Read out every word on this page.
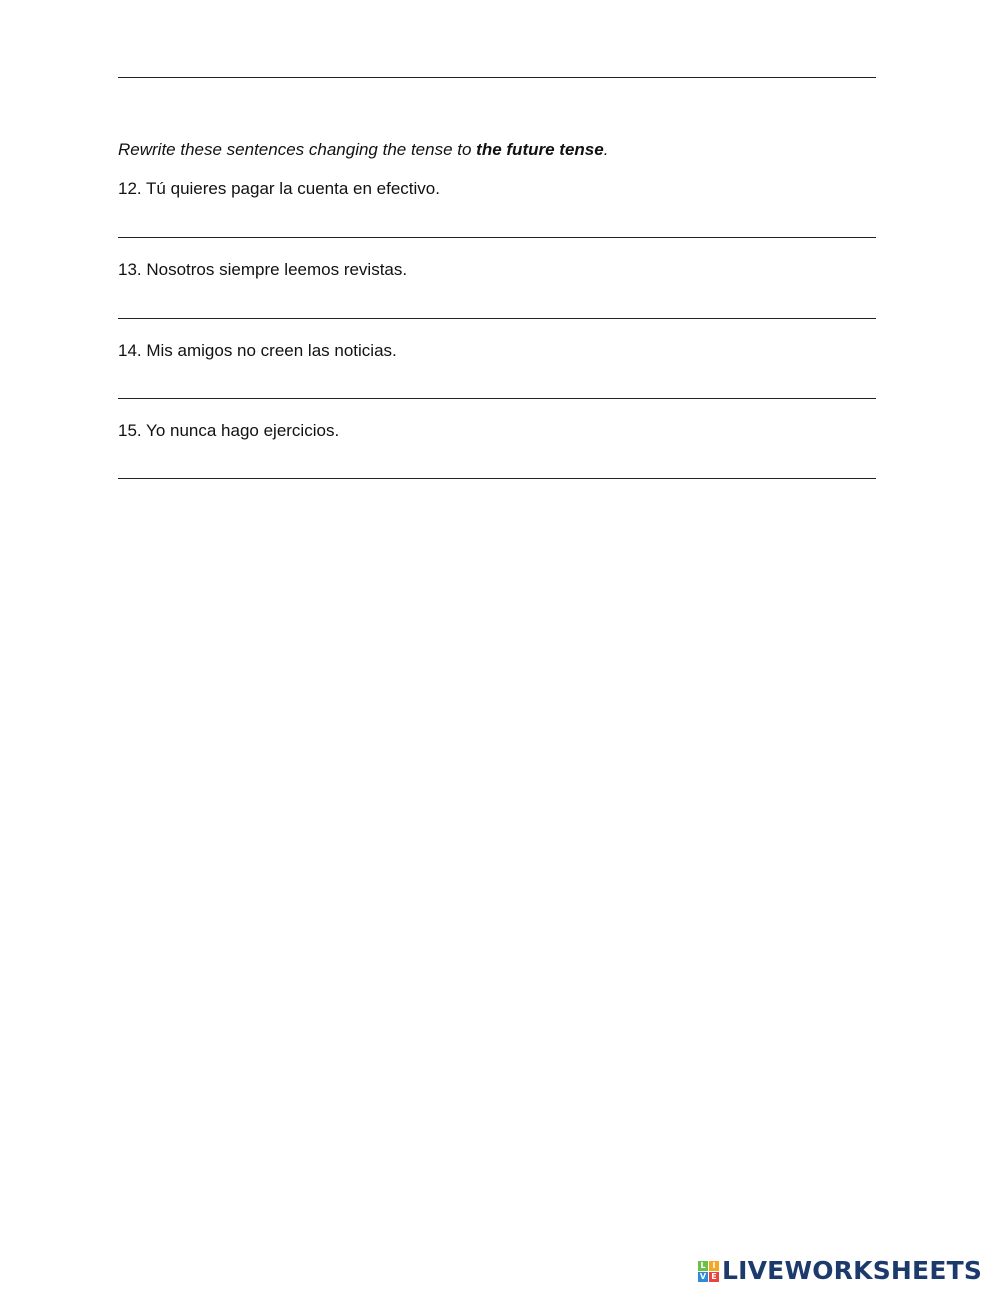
Rewrite these sentences changing the tense to the future tense.
12. Tú quieres pagar la cuenta en efectivo.
13. Nosotros siempre leemos revistas.
14. Mis amigos no creen las noticias.
15. Yo nunca hago ejercicios.
L I
V E LIVEWORKSHEETS
